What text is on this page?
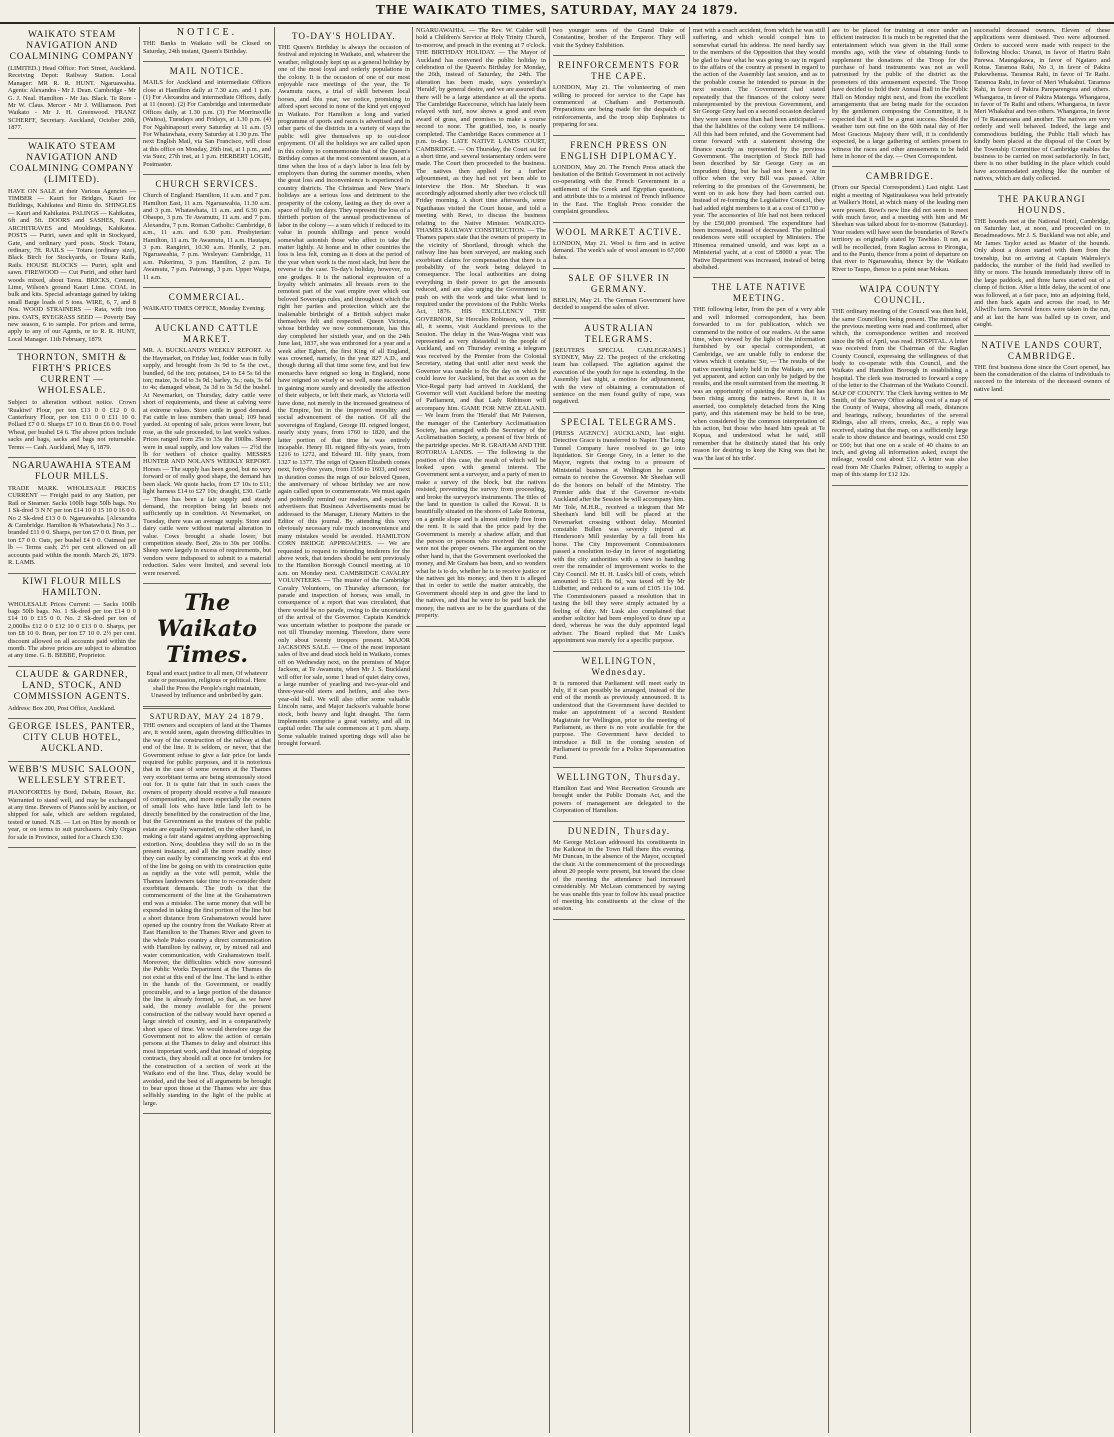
THE WAIKATO TIMES, SATURDAY, MAY 24 1879.
WAIKATO STEAM NAVIGATION AND COALMINING COMPANY

(LIMITED.) Head Office: Fort Street, Auckland. Receiving Depot: Railway Station. Local Manager: MR R. R. HUNT. Ngaruawahia. Agents: Alexandra - Mr J. Dean. Cambridge - Mr G. J. Neal. Hamilton - Mr Jas. Black. Te Rore - Mr W. Claus. Mercer - Mr J. Williamson. Port Waikato - Mr J. H. Greenwood. FRANZ SCHERFF, Secretary. Auckland, October 20th, 1877.

WAIKATO STEAM NAVIGATION AND COALMINING COMPANY (LIMITED).

HAVE ON SALE at their Various Agencies — TIMBER — Kauri for Bridges, Kauri for Buildings, Kahikatea and Rimu do. SHINGLES — Kauri and Kahikatea. PALINGS — Kahikatea, 6ft and 5ft. DOORS and SASHES, Kauri. ARCHITRAVES and Mouldings, Kahikatea. POSTS — Puriri, sawn and split in Stockyard, Gate, and ordinary yard posts. Stock Totara, ordinary, 7ft. RAILS — Totara (ordinary size), Black Birch for Stockyards, or Totara Rails, Rails. HOUSE BLOCKS — Puriri, split and sawn. FIREWOOD — Cut Puriri, and other hard woods mixed, about Tavra. BRICKS, Cement, Lime, Wilson's ground Kauri Lime. COAL in bulk and kits. Special advantage gained by taking small Barge loads of 5 tons. WIRE, 6, 7, and 8 Nos. WOOD STRAINERS — Rata, with iron pins. OATS, RYEGRASS SEED — Poverty Bay new season, 6 to sample. For prices and terms, apply to any of our Agents, or to R. R. HUNT, Local Manager. 11th February, 1879.

THORNTON, SMITH & FIRTH'S PRICES CURRENT — WHOLESALE.

Subject to alteration without notice. Crown 'Ruakiwi' Flour, per ton £13 0 0 £12 0 0. Canterbury Flour, per ton £11 0 0 £11 10 0. Pollard £7 0 0. Sharps £7 10 0. Bran £6 0 0. Fowl Wheat, per bushel £4 6. The above prices include sacks and bags, sacks and bags not returnable. Terms — Cash. Auckland, May 6, 1879.

NGARUAWAHIA STEAM FLOUR MILLS.

TRADE MARK. WHOLESALE PRICES CURRENT — Freight paid to any Station, per Rail or Steamer. Sacks 100lb bags 50lb bags. No 1 Sk-dred '3 N N' per ton £14 10 0 15 10 0 16 0 0. No 2 Sk-dred £13 0 0. Ngaruawahia. [Alexandra & Cambridge. Hamilton & Whatawhata.] No 3 ... branded £11 0 0. Sharps, per ton £7 0 0. Bran, per ton £7 0 0. Oats, per bushel £4 0 0. Oatmeal per lb — Terms cash; 2½ per cent allowed on all accounts paid within the month. March 26, 1879. R. LAMB.

KIWI FLOUR MILLS HAMILTON.

WHOLESALE Prices Current: — Sacks 100lb bags 50lb bags. No. 1 Sk-dred per ton £14 0 0 £14 10 0 £15 0 0. No. 2 Sk-dred per ton of 2,000lbs £12 0 0 £12 10 0 £13 0 0. Sharps, per ton £8 10 0. Bran, per ton £7 10 0. 2½ per cent. discount allowed on all accounts paid within the month. The above prices are subject to alteration at any time. G. B. BEBBE, Proprietor.

CLAUDE & GARDNER, LAND, STOCK, AND COMMISSION AGENTS.

Address: Box 200, Post Office, Auckland.

GEORGE ISLES, PANTER, CITY CLUB HOTEL, AUCKLAND.
WEBB'S MUSIC SALOON, WELLESLEY STREET.

PIANOFORTES by Bord, Debain, Rosser, &c. Warranted to stand well, and may be exchanged at any time. Brewers of Pianos sold by auction, or shipped for sale, which are seldom regulated, tested or tuned. N.B. — Let on Hire by month or year, or on terms to suit purchasers. Only Organ for sale in Province, suited for a Church £30.

NOTICE.

THE Banks in Waikato will be Closed on Saturday, 24th instant, Queen's Birthday.

MAIL NOTICE.

MAILS for Auckland and intermediate Offices close at Hamilton daily at 7.30 a.m. and 1 p.m. (1) For Alexandra and intermediate Offices, daily at 11 (noon). (2) For Cambridge and intermediate Offices daily, at 1.30 p.m. (3) For Morrinsville (Waitoa), Tuesdays and Fridays, at 1.30 p.m. (4) For Ngahinapouri every Saturday at 11 a.m. (5) For Whatawhata, every Saturday at 1.30 p.m. The next English Mail, via San Francisco, will close at this office on Monday, 26th inst, at 1 p.m., and via Suez, 27th inst, at 1 p.m. HERBERT LOGIE, Postmaster.

CHURCH SERVICES.

Church of England: Hamilton, 11 a.m. and 7 p.m. Hamilton East, 11 a.m. Ngaruawahia, 11.30 a.m. and 3 p.m. Whatawhata, 11 a.m. and 6.30 p.m. Ohaupo, 3 p.m. Te Awamutu, 11 a.m. and 7 p.m. Alexandra, 7 p.m. Roman Catholic: Cambridge, 8 a.m., 11 a.m. and 6.30 p.m. Presbyterian: Hamilton, 11 a.m. Te Awamutu, 11 a.m. Hautapu, 3 p.m. Rangiriri, 10.30 a.m. Huntly, 2 p.m. Ngaruawahia, 7 p.m. Wesleyan: Cambridge, 11 a.m. Pukerimu, 3 p.m. Hamilton, 2 p.m. Te Awamutu, 7 p.m. Paterangi, 3 p.m. Upper Waipa, 11 a.m.

COMMERCIAL.

WAIKATO TIMES OFFICE, Monday Evening.

AUCKLAND CATTLE MARKET.

MR. A. BUCKLAND'S WEEKLY REPORT. At the Haymarket, on Friday last, fodder was in fully supply, and brought from 3s 9d to 5s the cwt., bundled, 6d the ton; potatoes, £4 to £4 5s 6d the ton; maize, 3s 6d to 3s 9d.; barley, 3s.; oats, 3s 6d to 4s; damaged wheat, 3s 3d to 3s 5d the bushel. At Newmarket, on Thursday, dairy cattle were short of requirements, and these at calving were at extreme values. Store cattle in good demand. Fat cattle in less numbers than usual; 109 head yarded. At opening of sale, prices were lower, but rose, as the sale proceeded, to last week's values. Prices ranged from 25s to 33s the 100lbs. Sheep were in usual supply, and low values — 2½d the lb for wethers of choice quality. MESSRS HUNTER AND NOLAN'S WEEKLY REPORT. Horses — The supply has been good, but no very forward or of really good shape, the demand has been slack. We quote hacks, from £7 10s to £11; light harness £14 to £27 10s; draught, £30. Cattle — There has been a fair supply and steady demand, the reception being fat beasts not sufficiently up in condition. At Newmarket, on Tuesday, there was an average supply. Store and dairy cattle were without material alteration in value. Cows brought a shade lower, but competition steady. Beef, 26s to 30s per 100lbs. Sheep were largely in excess of requirements, but vendors were indisposed to submit to a material reduction. Sales were limited, and several lots were reserved.

The Waikato Times.

Equal and exact justice to all men, Of whatever state or persuasion, religious or political. Here shall the Press the People's right maintain, Unawed by influence and unbribed by gain.

SATURDAY, MAY 24 1879.

THE owners and occupiers of land at the Thames are, it would seem, again throwing difficulties in the way of the construction of the railway at that end of the line. It is seldom, or never, that the Government refuse to give a fair price for lands required for public purposes, and it is notorious that in the case of some owners at the Thames very exorbitant terms are being strenuously stood out for. It is quite fair that in such cases the owners of property should receive a full measure of compensation, and more especially the owners of small lots who have little land left to be directly benefitted by the construction of the line, but the Government as the trustees of the public estate are equally warranted, on the other hand, in making a fair stand against anything approaching extortion. Now, doubtless they will do so in the present instance, and all the more readily since they can easily by commencing work at this end of the line be going on with its construction quite as rapidly as the vote will permit, while the Thames landowners take time to re-consider their exorbitant demands. The truth is that the commencement of the line at the Grahamstown end was a mistake. The same money that will be expended in taking the first portion of the line but a short distance from Grahamstown would have opened up the country from the Waikato River at East Hamilton to the Thames River and given to the whole Piako country a direct communication with Hamilton by railway, or, by mixed rail and water communication, with Grahamstown itself. Moreover, the difficulties which now surround the Public Works Department at the Thames do not exist at this end of the line. The land is either in the hands of the Government, or readily procurable, and to a large portion of the distance the line is already formed, so that, as we have said, the money available for the present construction of the railway would have opened a large stretch of country, and in a comparatively short space of time. We would therefore urge the Government not to allow the action of certain persons at the Thames to delay and obstruct this most important work, and that instead of stopping contracts, they should call at once for tenders for the construction of a section of work at the Waikato end of the line. Thus, delay would be avoided, and the best of all arguments be brought to bear upon those at the Thames who are thus selfishly standing in the light of the public at large.

TO-DAY'S HOLIDAY.

THE Queen's Birthday is always the occasion of festival and rejoicing in Waikato, and, whatever the weather, religiously kept up as a general holiday by one of the most loyal and orderly populations in the colony. It is the occasion of one of our most enjoyable race meetings of the year, the Te Awamutu races, a trial of skill between local horses, and this year, we notice, promising to afford sport second to none of the kind yet enjoyed in Waikato. For Hamilton a long and varied programme of sports and races is advertised and in other parts of the districts in a variety of ways the public will give themselves up to out-door enjoyment. Of all the holidays we are called upon in this colony to commemorate that of the Queen's Birthday comes at the most convenient season, at a time when the loss of a day's labor is less felt by employers than during the summer months, when the great loss and inconvenience is experienced in country districts. The Christmas and New Year's holidays are a serious loss and detriment to the prosperity of the colony, lasting as they do over a space of fully ten days. They represent the loss of a thirtieth portion of the annual productiveness of labor in the colony — a sum which if reduced to its value in pounds shillings and pence would somewhat astonish those who affect to take the matter lightly. At home and in other countries the loss is less felt, coming as it does at the period of the year when work is the most slack, but here the reverse is the case. To-day's holiday, however, no one grudges. It is the national expression of a loyalty which animates all breasts even to the remotest part of the vast empire over which our beloved Sovereign rules, and throughout which the right her parties and protection which are the inalienable birthright of a British subject make themselves felt and respected. Queen Victoria, whose birthday we now commemorate, has this day completed her sixtieth year, and on the 24th June last, 1837, she was enthroned for a year and a week after Egbert, the first King of all England, was crowned, namely, in the year 827 A.D., and though during all that time some few, and but few monarchs have reigned so long in England, none have reigned so wisely or so well, none succeeded in gaining more surely and devotedly the affection of their subjects, or left their mark, as Victoria will have done, not merely in the increased greatness of the Empire, but in the improved morality and social advancement of the nation. Of all the sovereigns of England, George III. reigned longest, nearly sixty years, from 1760 to 1820, and the latter portion of that time he was entirely incapable. Henry III. reigned fifty-six years, from 1216 to 1272, and Edward III. fifty years, from 1327 to 1377. The reign of Queen Elizabeth comes next, forty-five years, from 1558 to 1603, and next in duration comes the reign of our beloved Queen, the anniversary of whose birthday we are now again called upon to commemorate. We must again and pointedly remind our readers, and especially advertisers that Business Advertisements must be addressed to the Manager, Literary Matters to the Editor of this journal. By attending this very obviously necessary rule much inconvenience and many mistakes would be avoided. HAMILTON CORN BRIDGE APPROACHES. — We are requested to request to intending tenderers for the above work, that tenders should be sent previously to the Hamilton Borough Council meeting, at 10 a.m. on Monday next. CAMBRIDGE CAVALRY VOLUNTEERS. — The muster of the Cambridge Cavalry Volunteers, on Thursday afternoon, for parade and inspection of horses, was small, in consequence of a report that was circulated, that there would be no parade, owing to the uncertainty of the arrival of the Governor. Captain Kendrick was uncertain whether to postpone the parade or not till Thursday morning. Therefore, there were only about twenty troopers present. MAJOR JACKSONS SALE. — One of the most important sales of live and dead stock held in Waikato, comes off on Wednesday next, on the premises of Major Jackson, at Te Awamutu, when Mr J. S. Buckland will offer for sale, some 1 head of quiet dairy cows, a large number of yearling and two-year-old and three-year-old steers and heifers, and also two-year-old bull. We will also offer some valuable Lincoln rams, and Major Jackson's valuable horse stock, both heavy and light draught. The farm implements comprise a great variety, and all in capital order. The sale commences at 1 p.m. sharp. Some valuable trained sporting dogs will also be brought forward.

NGARUAWAHIA. — The Rev. W. Calder will hold a Children's Service at Holy Trinity Church, to-morrow, and preach in the evening at 7 o'clock. THE BIRTHDAY HOLIDAY. — The Mayor of Auckland has convened the public holiday in celebration of the Queen's Birthday for Monday, the 26th, instead of Saturday, the 24th. The alteration has been made, says yesterday's 'Herald', by general desire, and we are assured that there will be a large attendance at all the sports. The Cambridge Racecourse, which has lately been relayed with turf, now shows a good and even award of grass, and promises to make a course second to none. The gratified, too, is nearly completed. The Cambridge Races commence at 1 p.m. to-day. LATE NATIVE LANDS COURT, CAMBRIDGE. — On Thursday, the Court sat for a short time, and several testamentary orders were made. The Court then proceeded to the business. The natives then applied for a further adjournment, as they had not yet been able to interview the Hon. Mr Sheehan. It was accordingly adjourned shortly after two o'clock till Friday morning. A short time afterwards, some Ngatihauas visited the Court house, and told a meeting with Rewi, to discuss the business relating to the Native Minister. WAIKATO-THAMES RAILWAY CONSTRUCTION. — The Thames papers state that the owners of property in the vicinity of Shortland, through which the railway line has been surveyed, are making such exorbitant claims for compensation that there is a probability of the work being delayed in consequence. The local authorities are doing everything in their power to get the amounts reduced, and are also urging the Government to push on with the work and take what land is required under the provisions of the Public Works Act, 1876. HIS EXCELLENCY THE GOVERNOR, Sir Hercules Robinson, will, after all, it seems, visit Auckland previous to the Session. The delay in the Wau-Wagna visit was represented as very distasteful to the people of Auckland, and on Thursday evening a telegram was received by the Premier from the Colonial Secretary, stating that until after next week the Governor was unable to fix the day on which he could leave for Auckland, but that as soon as the Vice-Regal party had arrived in Auckland, the Governor will visit Auckland before the meeting of Parliament, and that Lady Robinson will accompany him. GAME FOR NEW ZEALAND. — We learn from the 'Herald' that Mr Paterson, the manager of the Canterbury Acclimatisation Society, has arranged with the Secretary of the Acclimatisation Society, a present of five birds of the partridge species. Mr R. GRAHAM AND THE ROTORUA LANDS. — The following is the position of this case, the result of which will be looked upon with general interest. The Government sent a surveyor, and a party of men to make a survey of the block, but the natives resisted, preventing the survey from proceeding, and broke the surveyor's instruments. The titles of the land in question is called the Kowai. It is beautifully situated on the shores of Lake Rotorua, on a gentle slope and is almost entirely free from the rent. It is said that the price paid by the Government is merely a shadow affair, and that the person or persons who received the money were not the proper owners. The argument on the other hand is, that the Government overlooked the money, and Mr Graham has been, and so wonders what he is to do, whether he is to receive justice or the natives get his money; and then it is alleged that in order to settle the matter amicably, the Government should step in and give the land to the natives, and that he were to be paid back the money, the natives are to be the guardians of the property.

two younger sons of the Grand Duke of Constantine, brother of the Emperor. They will visit the Sydney Exhibition.

REINFORCEMENTS FOR THE CAPE.

LONDON, May 21. The volunteering of men willing to proceed for service to the Cape has commenced at Chatham and Portsmouth. Preparations are being made for the despatch of reinforcements, and the troop ship Euphrates is preparing for sea.

FRENCH PRESS ON ENGLISH DIPLOMACY.

LONDON, May 20. The French Press attack the hesitation of the British Government in not actively co-operating with the French Government in a settlement of the Greek and Egyptian questions, and attribute this to a mistrust of French influence in the East. The English Press consider the complaint groundless.

WOOL MARKET ACTIVE.

LONDON, May 21. Wool is firm and in active demand. The week's sale of wool amount to 67,000 bales.

SALE OF SILVER IN GERMANY.

BERLIN, May 21. The German Government have decided to suspend the sales of silver.

AUSTRALIAN TELEGRAMS.

[REUTER'S SPECIAL CABLEGRAMS.] SYDNEY, May 22. The project of the cricketing team has collapsed. The agitation against the execution of the youth for rape is extending. In the Assembly last night, a motion for adjournment, with the view of obtaining a commutation of sentence on the men found guilty of rape, was negatived.

SPECIAL TELEGRAMS.

[PRESS AGENCY.] AUCKLAND, last night. Detective Grace is transferred to Napier. The Long Tunnel Company have resolved to go into liquidation. Sir George Grey, in a letter to the Mayor, regrets that owing to a pressure of Ministerial business at Wellington he cannot remain to receive the Governor. Mr Sheehan will do the honors on behalf of the Ministry. The Premier adds that if the Governor re-visits Auckland after the Session he will accompany him. Mr Tole, M.H.R., received a telegram that Mr Sheehan's land bill will be placed at the Newmarket crossing without delay. Mounted constable Bullen was severely injured at Henderson's Mill yesterday by a fall from his horse. The City Improvement Commissioners passed a resolution to-day in favor of negotiating with the city authorities with a view to handing over the remainder of improvement works to the City Council. Mr H. H. Lusk's bill of costs, which amounted to £211 8s 6d, was taxed off by Mr Lidbetter, and reduced to a sum of £105 11s 10d. The Commissioners passed a resolution that in taxing the bill they were simply actuated by a feeling of duty. Mr Lusk also complained that another solicitor had been employed to draw up a deed, whereas he was the duly appointed legal adviser. The Board replied that Mr Lusk's appointment was merely for a specific purpose.

WELLINGTON, Wednesday.

It is rumored that Parliament will meet early in July, if it can possibly be arranged, instead of the end of the month as previously announced. It is understood that the Government have decided to make an appointment of a second Resident Magistrate for Wellington, prior to the meeting of Parliament, as there is no vote available for the purpose. The Government have decided to introduce a Bill in the coming session of Parliament to provide for a Police Superannuation Fund.

WELLINGTON, Thursday.

Hamilton East and West Recreation Grounds are brought under the Public Domain Act, and the powers of management are delegated to the Corporation of Hamilton.

DUNEDIN, Thursday.

Mr George McLean addressed his constituents in the Kaikorai in the Town Hall there this evening. Mr Duncan, in the absence of the Mayor, occupied the chair. At the commencement of the proceedings about 20 people were present, but toward the close of the meeting the attendance had increased considerably. Mr McLean commenced by saying he was unable this year to follow his usual practice of meeting his constituents at the close of the session.

met with a coach accident, from which he was still suffering, and which would compel him to somewhat curtail his address. He need hardly say to the members of the Opposition that they would be glad to hear what he was going to say in regard to the affairs of the country at present in regard to the action of the Assembly last session, and as to the probable course he intended to pursue in the next session. The Government had stated repeatedly that the finances of the colony were misrepresented by the previous Government, and Sir George Grey had on a second occasion declared they were seen worse than had been anticipated — that the liabilities of the colony were £4 millions. All this had been refuted, and the Government had come forward with a statement showing the finance exactly as represented by the previous Government. The inscription of Stock Bill had been described by Sir George Grey as an imprudent thing, but he had not been a year in office when the very Bill was passed. After referring to the promises of the Government, he went on to ask how they had been carried out. Instead of re-forming the Legislative Council, they had added eight members to it at a cost of £1700 a-year. The accessories of life had not been reduced by the £50,000 promised. The expenditure had been increased, instead of decreased. The political residences were still occupied by Ministers. The Hinemoa remained unsold, and was kept as a Ministerial yacht, at a cost of £8000 a year. The Native Department was increased, instead of being abolished.

THE LATE NATIVE MEETING.

THE following letter, from the pen of a very able and well informed correspondent, has been forwarded to us for publication, which we commend to the notice of our readers. At the same time, when viewed by the light of the information furnished by our special correspondent, at Cambridge, we are unable fully to endorse the views which it contains: Sir, — The results of the native meeting lately held in the Waikato, are not yet apparent, and action can only be judged by the results, and the result surmised from the meeting. It was an opportunity of quieting the storm that has been rising among the natives. Rewi is, it is asserted, too completely detached from the King party, and this statement may be held to be true, when considered by the common interpretation of his action, but those who heard him speak at Te Kopua, and understood what he said, still remember that he distinctly stated that his only reason for desiring to keep the King was that he was 'the last of his tribe'.

are to be placed for training at once under an efficient instructor. It is much to be regretted that the entertainment which was given in the Hall some months ago, with the view of obtaining funds to supplement the donations of the Troop for the purchase of band instruments was not as well patronised by the public of the district as the promoters of this amusement expected. The Troop have decided to hold their Annual Ball in the Public Hall on Monday night next, and from the excellent arrangements that are being made for the occasion by the gentlemen composing the Committee, it is expected that it will be a great success. Should the weather turn out fine on the 60th natal day of Her Most Gracious Majesty there will, it is confidently expected, be a large gathering of settlers present to witness the races and other amusements to be held here in honor of the day. — Own Correspondent.

CAMBRIDGE.

(From our Special Correspondent.) Last night. Last night a meeting of Ngatiraukawa was held privately at Walker's Hotel, at which many of the leading men were present. Rewi's new line did not seem to meet with much favor, and a meeting with him and Mr Sheehan was talked about for to-morrow (Saturday). Your readers will have seen the boundaries of Rewi's territory as originally stated by Tawhiao. It ran, as will be recollected, from Raglan across to Pirongia, and to the Puniu, thence from a point of departure on that river to Ngaruawahia, thence by the Waikato River to Taupo, thence to a point near Mokau.

WAIPA COUNTY COUNCIL.

THE ordinary meeting of the Council was then held, the same Councillors being present. The minutes of the previous meeting were read and confirmed, after which, the correspondence written and received since the 9th of April, was read. HOSPITAL. A letter was received from the Chairman of the Raglan County Council, expressing the willingness of that body to co-operate with this Council, and the Waikato and Hamilton Borough in establishing a hospital. The clerk was instructed to forward a copy of the letter to the Chairman of the Waikato Council. MAP OF COUNTY. The Clerk having written to Mr Smith, of the Survey Office asking cost of a map of the County of Waipa, showing all roads, distances and bearings, railway, boundaries of the several Ridings, also all rivers, creeks, &c., a reply was received, stating that the map, on a sufficiently large scale to show distance and bearings, would cost £50 or £60; but that one on a scale of 40 chains to an inch, and giving all information asked, except the mileage, would cost about £12. A letter was also read from Mr Charles Palmer, offering to supply a map of this stamp for £12 12s.

successful deceased owners. Eleven of these applications were dismissed. Two were adjourned. Orders to succeed were made with respect to the following blocks: Uranui, in favor of Hariru Rahi Purewa. Maungakawa, in favor of Ngataro and Kotua. Taramoa Rahi, No 3, in favor of Pakira Pukewhenua. Taramoa Rahi, in favor of Te Raihi. Taramoa Rahi, in favor of Meri Whakahui. Taramoa Rahi, in favor of Pakira Pareparengora and others. Whangaroa, in favor of Pakira Matenga. Whangaroa, in favor of Te Raihi and others. Whangaroa, in favor Meri Whakahui and two others. Whangaroa, in favor of Te Rauamoana and another. The natives are very orderly and well behaved. Indeed, the large and commodious building, the Public Hall which has kindly been placed at the disposal of the Court by the Township Committee of Cambridge enables the business to be carried on most satisfactorily. In fact, there is no other building in the place which could have accommodated anything like the number of natives, which are daily collected.

THE PAKURANGI HOUNDS.

THE hounds met at the National Hotel, Cambridge, on Saturday last, at noon, and proceeded on to Broadmeadows. Mr J. S. Buckland was not able, and Mr James Taylor acted as Master of the hounds. Only about a dozen started with them from the township, but on arriving at Captain Walmsley's paddocks, the number of the field had swelled to fifty or more. The hounds immediately threw off in the large paddock, and three hares started out of a clump of fiction. After a little delay, the scent of one was followed, at a fair pace, into an adjoining field, and then back again and across the road, to Mr Allwill's farm. Several fences were taken in the run, and at last the hare was balled up in cover, and caught.

NATIVE LANDS COURT, CAMBRIDGE.

THE first business done since the Court opened, has been the consideration of the claims of individuals to succeed to the interests of the deceased owners of native land.
